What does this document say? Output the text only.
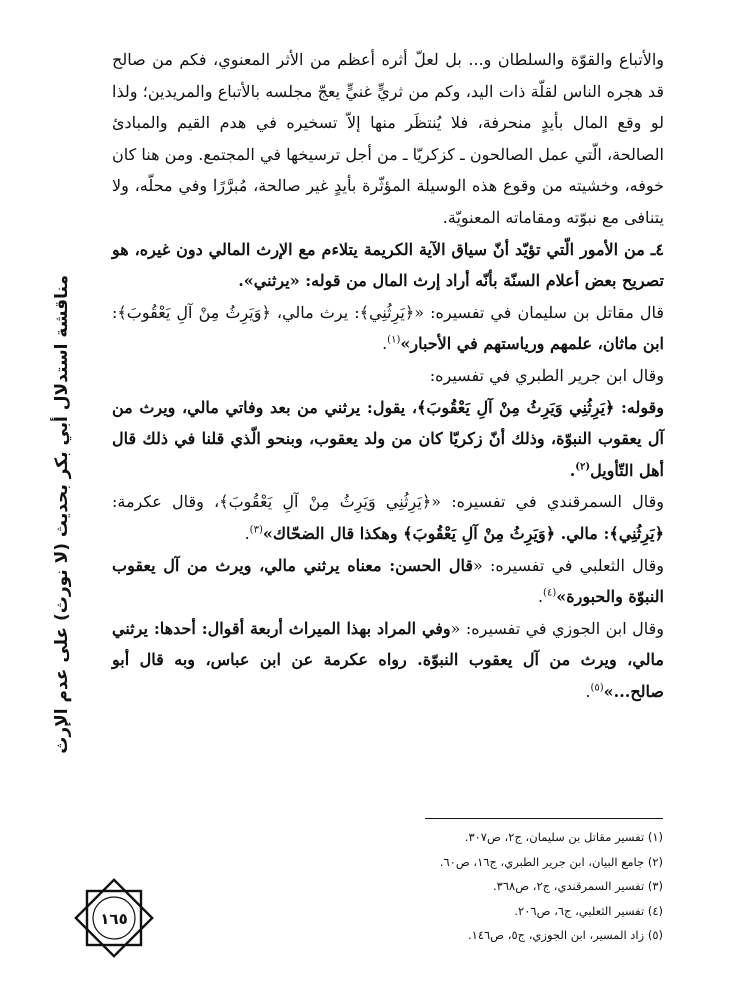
والأتباع والقوّة والسلطان و... بل لعلّ أثره أعظم من الأثر المعنوي، فكم من صالح قد هجره الناس لقلّة ذات اليد، وكم من ثريٍّ غنيٍّ يعجّ مجلسه بالأتباع والمريدين؛ ولذا لو وقع المال بأيدٍ منحرفة، فلا يُنتظَر منها إلاّ تسخيره في هدم القيم والمبادئ الصالحة، الّتي عمل الصالحون ـ كزكريّا ـ من أجل ترسيخها في المجتمع. ومن هنا كان خوفه، وخشيته من وقوع هذه الوسيلة المؤثّرة بأيدٍ غير صالحة، مُبرَّرًا وفي محلّه، ولا يتنافى مع نبوّته ومقاماته المعنويّة.

٤ـ من الأمور الّتي تؤيّد أنّ سياق الآية الكريمة يتلاءم مع الإرث المالي دون غيره، هو تصريح بعض أعلام السنّة بأنّه أراد إرث المال من قوله: «يرثني».

قال مقاتل بن سليمان في تفسيره: «﴿يَرِثُنِي﴾: يرث مالي، ﴿وَيَرِثُ مِنْ آلِ يَعْقُوبَ﴾: ابن ماثان، علمهم ورياستهم في الأحبار»$^{(١)}$.

وقال ابن جرير الطبري في تفسيره:

وقوله: ﴿يَرِثُنِي وَيَرِثُ مِنْ آلِ يَعْقُوبَ﴾، يقول: يرثني من بعد وفاتي مالي، ويرث من آل يعقوب النبوّة، وذلك أنّ زكريّا كان من ولد يعقوب، وبنحو الّذي قلنا في ذلك قال أهل التّأويل$^{(٢)}$.

وقال السمرقندي في تفسيره: «﴿يَرِثُنِي وَيَرِثُ مِنْ آلِ يَعْقُوبَ﴾، وقال عكرمة: ﴿يَرِثُنِي﴾: مالي. ﴿وَيَرِثُ مِنْ آلِ يَعْقُوبَ﴾ وهكذا قال الضحّاك»$^{(٣)}$.

وقال الثعلبي في تفسيره: «قال الحسن: معناه يرثني مالي، ويرث من آل يعقوب النبوّة والحبورة»$^{(٤)}$.

وقال ابن الجوزي في تفسيره: «وفي المراد بهذا الميراث أربعة أقوال: أحدها: يرثني مالي، ويرث من آل يعقوب النبوّة. رواه عكرمة عن ابن عباس، وبه قال أبو صالح...»$^{(٥)}$.

مناقشة استدلال أبي بكر بحديث (لا نورث) على عدم الإرث
(١) تفسير مقاتل بن سليمان، ج٢، ص٣٠٧.
(٢) جامع البيان، ابن جرير الطبري، ج١٦، ص٦٠.
(٣) تفسير السمرقندي، ج٢، ص٣٦٨.
(٤) تفسير الثعلبي، ج٦، ص٢٠٦.
(٥) زاد المسير، ابن الجوزي، ج٥، ص١٤٦.
١٦٥
